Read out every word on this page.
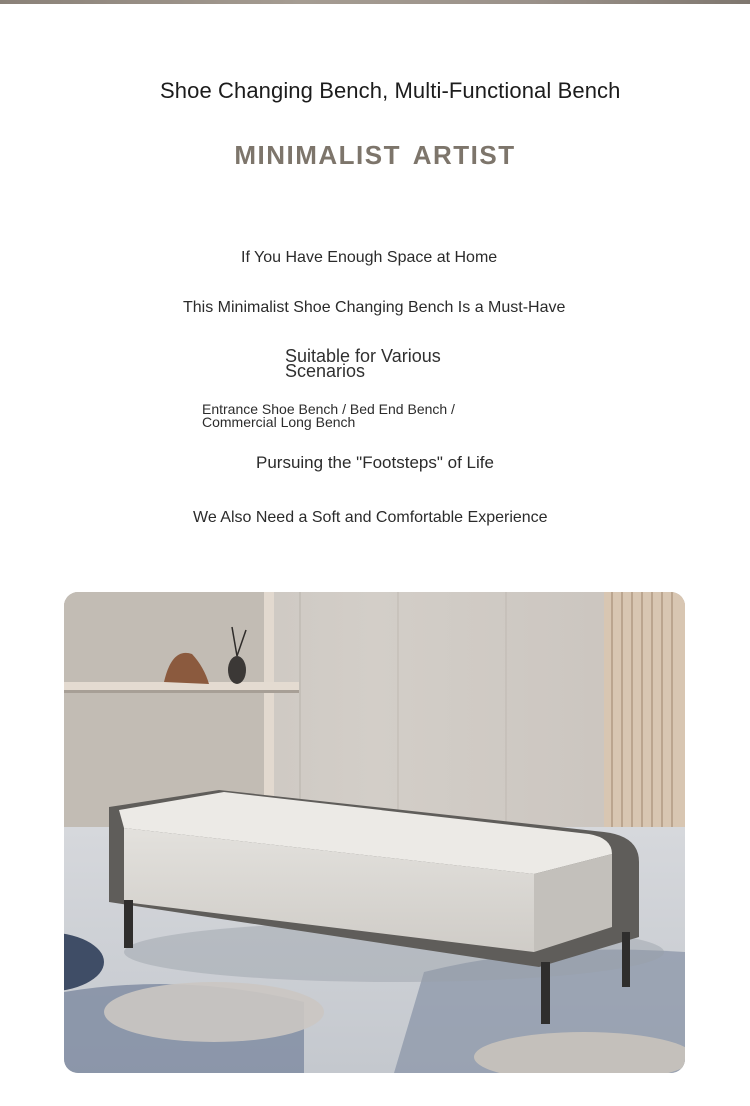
Shoe Changing Bench, Multi-Functional Bench
MINIMALIST ARTIST
If You Have Enough Space at Home
This Minimalist Shoe Changing Bench Is a Must-Have
Suitable for Various Scenarios
Entrance Shoe Bench / Bed End Bench / Commercial Long Bench
Pursuing the "Footsteps" of Life
We Also Need a Soft and Comfortable Experience
